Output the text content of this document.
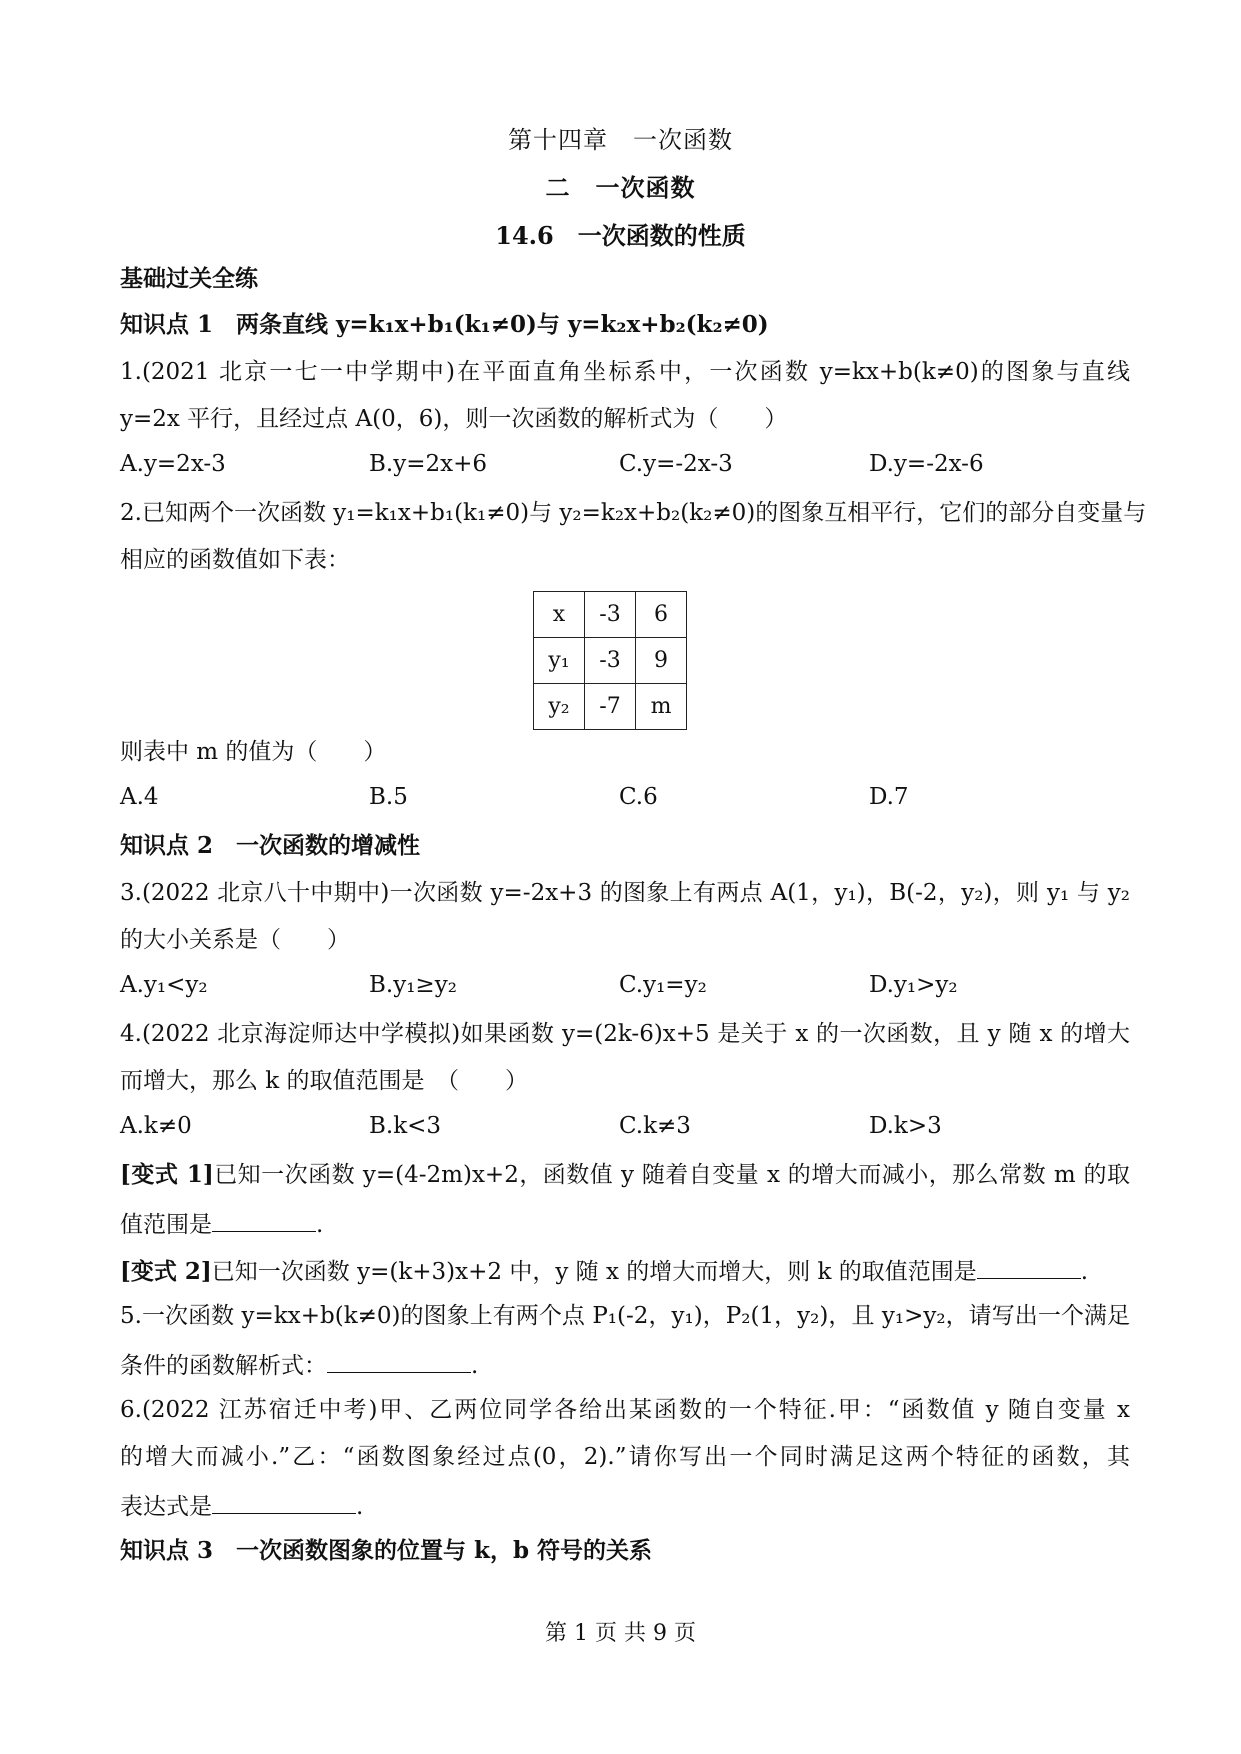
第十四章　一次函数
二　一次函数
14.6　一次函数的性质
基础过关全练
知识点 1　两条直线 y=k₁x+b₁(k₁≠0)与 y=k₂x+b₂(k₂≠0)
1.(2021 北京一七一中学期中)在平面直角坐标系中，一次函数 y=kx+b(k≠0)的图象与直线
y=2x 平行，且经过点 A(0，6)，则一次函数的解析式为（　　）
A.y=2x-3	B.y=2x+6	C.y=-2x-3	D.y=-2x-6
2.已知两个一次函数 y₁=k₁x+b₁(k₁≠0)与 y₂=k₂x+b₂(k₂≠0)的图象互相平行，它们的部分自变量与
相应的函数值如下表：
x	-3	6
y₁	-3	9
y₂	-7	m
则表中 m 的值为（　　）
A.4	B.5	C.6	D.7
知识点 2　一次函数的增减性
3.(2022 北京八十中期中)一次函数 y=-2x+3 的图象上有两点 A(1，y₁)，B(-2，y₂)，则 y₁ 与 y₂
的大小关系是（　　）
A.y₁<y₂	B.y₁≥y₂	C.y₁=y₂	D.y₁>y₂
4.(2022 北京海淀师达中学模拟)如果函数 y=(2k-6)x+5 是关于 x 的一次函数，且 y 随 x 的增大
而增大，那么 k 的取值范围是　（　　）
A.k≠0	B.k<3	C.k≠3	D.k>3
[变式 1]已知一次函数 y=(4-2m)x+2，函数值 y 随着自变量 x 的增大而减小，那么常数 m 的取
值范围是	.
[变式 2]已知一次函数 y=(k+3)x+2 中，y 随 x 的增大而增大，则 k 的取值范围是	.
5.一次函数 y=kx+b(k≠0)的图象上有两个点 P₁(-2，y₁)，P₂(1，y₂)，且 y₁>y₂，请写出一个满足
条件的函数解析式：	.
6.(2022 江苏宿迁中考)甲、乙两位同学各给出某函数的一个特征.甲：“函数值 y 随自变量 x
的增大而减小.”乙：“函数图象经过点(0，2).”请你写出一个同时满足这两个特征的函数，其
表达式是	.
知识点 3　一次函数图象的位置与 k，b 符号的关系
第 1 页 共 9 页
